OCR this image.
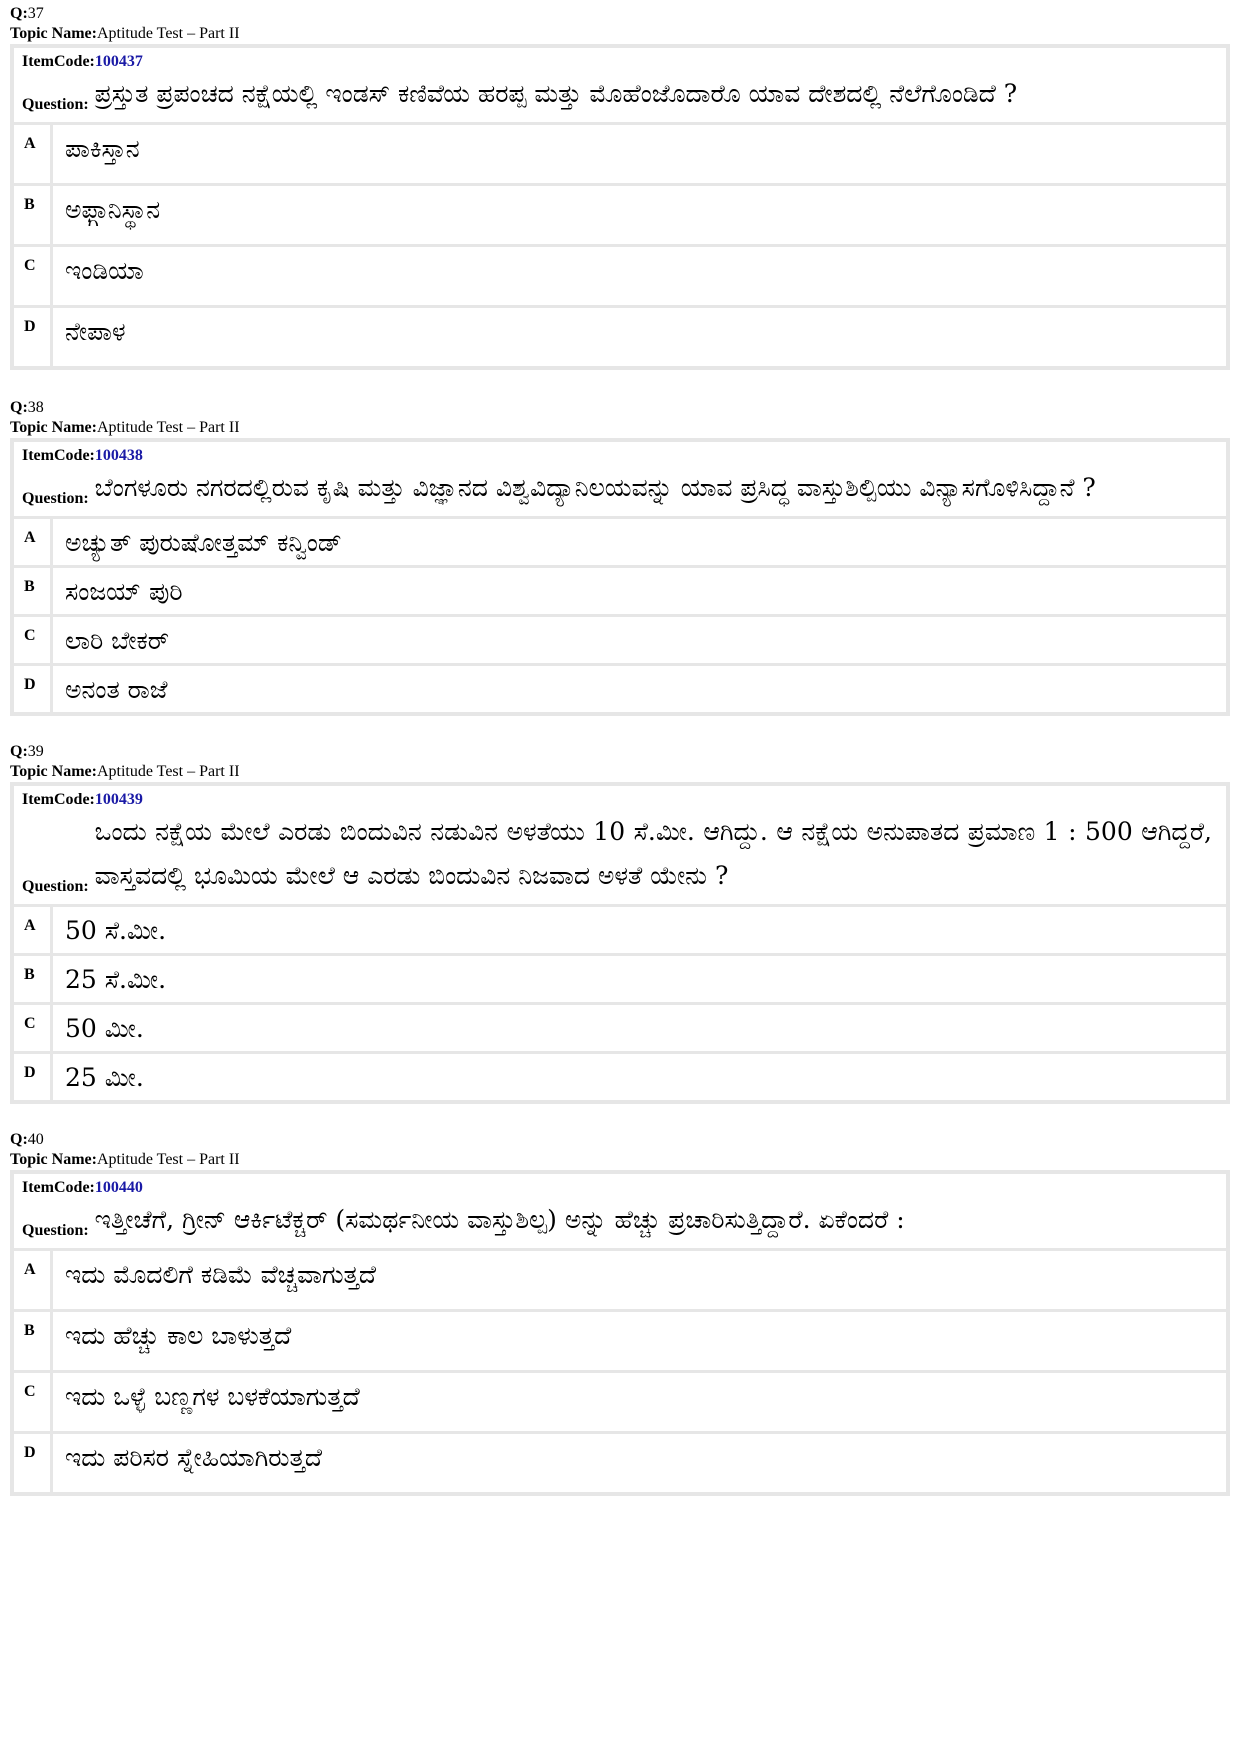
Q:37
Topic Name:Aptitude Test – Part II
ItemCode:100437
Question: ಪ್ರಸ್ತುತ ಪ್ರಪಂಚದ ನಕ್ಷೆಯಲ್ಲಿ ಇಂಡಸ್ ಕಣಿವೆಯ ಹರಪ್ಪ ಮತ್ತು ಮೊಹೆಂಜೊದಾರೊ ಯಾವ ದೇಶದಲ್ಲಿ ನೆಲೆಗೊಂಡಿದೆ ?
A	ಪಾಕಿಸ್ತಾನ
B	ಅಫ್ಗಾನಿಸ್ಥಾನ
C	ಇಂಡಿಯಾ
D	ನೇಪಾಳ
Q:38
Topic Name:Aptitude Test – Part II
ItemCode:100438
Question: ಬೆಂಗಳೂರು ನಗರದಲ್ಲಿರುವ ಕೃಷಿ ಮತ್ತು ವಿಜ್ಞಾನದ ವಿಶ್ವವಿದ್ಯಾನಿಲಯವನ್ನು ಯಾವ ಪ್ರಸಿದ್ಧ ವಾಸ್ತುಶಿಲ್ಪಿಯು ವಿನ್ಯಾಸಗೊಳಿಸಿದ್ದಾನೆ ?
A	ಅಚ್ಯುತ್ ಪುರುಷೋತ್ತಮ್ ಕನ್ವಿಂಡ್
B	ಸಂಜಯ್ ಪುರಿ
C	ಲಾರಿ ಬೇಕರ್
D	ಅನಂತ ರಾಜೆ
Q:39
Topic Name:Aptitude Test – Part II
ItemCode:100439
Question:
ಒಂದು ನಕ್ಷೆಯ ಮೇಲೆ ಎರಡು ಬಿಂದುವಿನ ನಡುವಿನ ಅಳತೆಯು 10 ಸೆ.ಮೀ. ಆಗಿದ್ದು. ಆ ನಕ್ಷೆಯ ಅನುಪಾತದ ಪ್ರಮಾಣ 1 : 500 ಆಗಿದ್ದರೆ, ವಾಸ್ತವದಲ್ಲಿ ಭೂಮಿಯ ಮೇಲೆ ಆ ಎರಡು ಬಿಂದುವಿನ ನಿಜವಾದ ಅಳತೆ ಯೇನು ?
A	50 ಸೆ.ಮೀ.
B	25 ಸೆ.ಮೀ.
C	50 ಮೀ.
D	25 ಮೀ.
Q:40
Topic Name:Aptitude Test – Part II
ItemCode:100440
Question: ಇತ್ತೀಚೆಗೆ, ಗ್ರೀನ್ ಆರ್ಕಿಟೆಕ್ಚರ್ (ಸಮರ್ಥನೀಯ ವಾಸ್ತುಶಿಲ್ಪ) ಅನ್ನು ಹೆಚ್ಚು ಪ್ರಚಾರಿಸುತ್ತಿದ್ದಾರೆ. ಏಕೆಂದರೆ :
A	ಇದು ಮೊದಲಿಗೆ ಕಡಿಮೆ ವೆಚ್ಚವಾಗುತ್ತದೆ
B	ಇದು ಹೆಚ್ಚು ಕಾಲ ಬಾಳುತ್ತದೆ
C	ಇದು ಒಳ್ಳೆ ಬಣ್ಣಗಳ ಬಳಕೆಯಾಗುತ್ತದೆ
D	ಇದು ಪರಿಸರ ಸ್ನೇಹಿಯಾಗಿರುತ್ತದೆ
